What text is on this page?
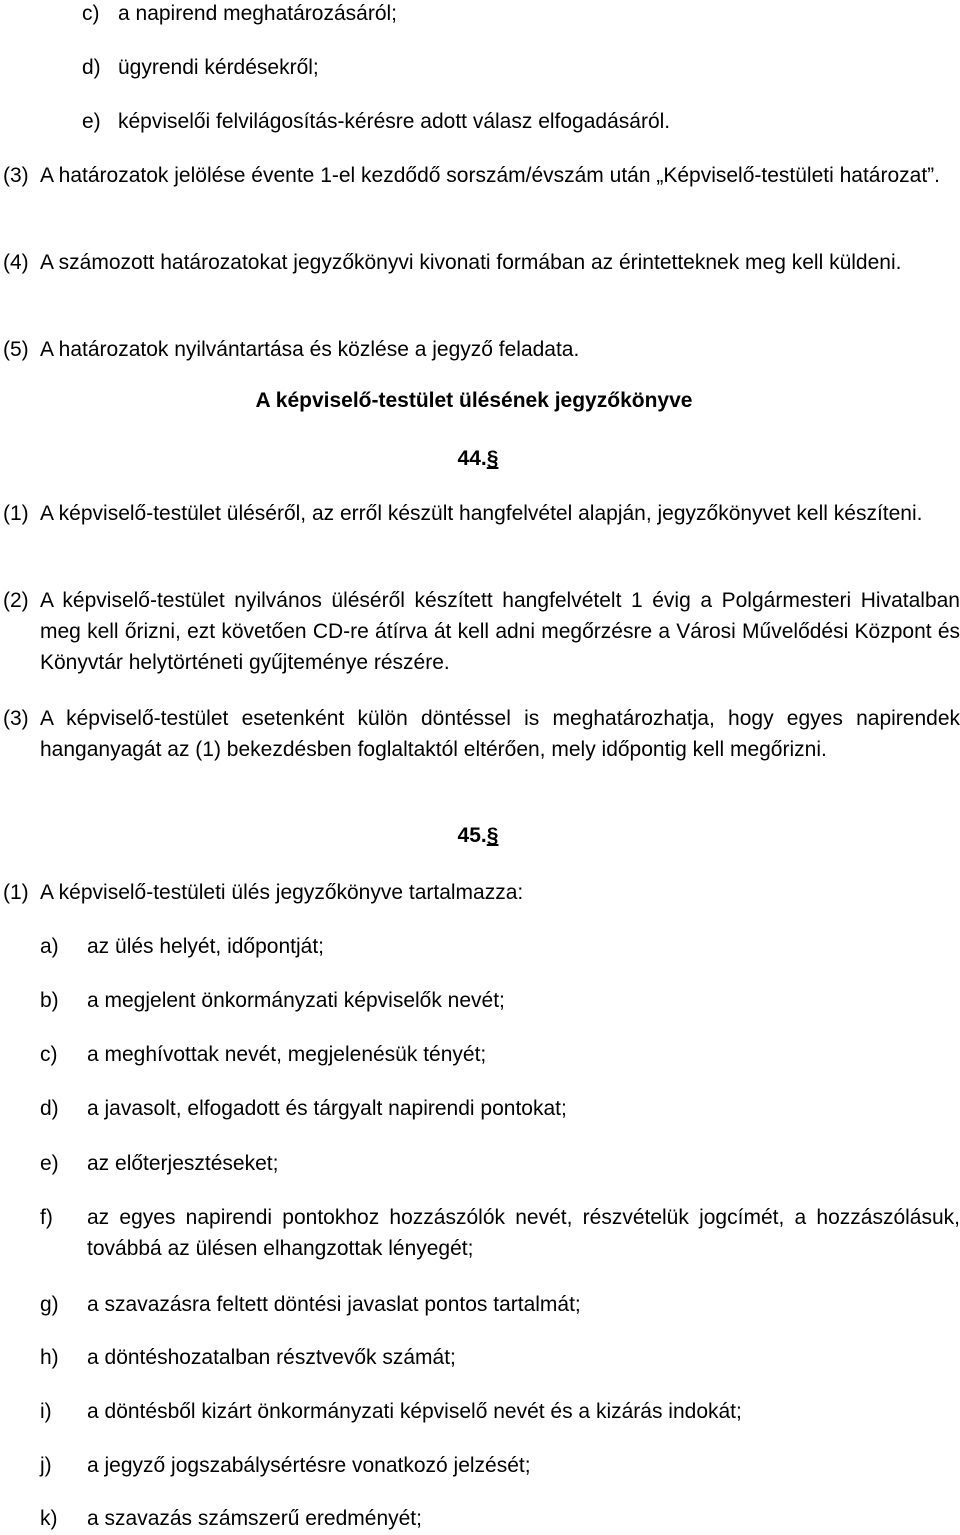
c) a napirend meghatározásáról;
d) ügyrendi kérdésekről;
e) képviselői felvilágosítás-kérésre adott válasz elfogadásáról.
(3) A határozatok jelölése évente 1-el kezdődő sorszám/évszám után „Képviselő-testületi határozat”.
(4) A számozott határozatokat jegyzőkönyvi kivonati formában az érintetteknek meg kell küldeni.
(5) A határozatok nyilvántartása és közlése a jegyző feladata.
A képviselő-testület ülésének jegyzőkönyve
44.§
(1) A képviselő-testület üléséről, az erről készült hangfelvétel alapján, jegyzőkönyvet kell készíteni.
(2) A képviselő-testület nyilvános üléséről készített hangfelvételt 1 évig a Polgármesteri Hivatalban meg kell őrizni, ezt követően CD-re átírva át kell adni megőrzésre a Városi Művelődési Központ és Könyvtár helytörténeti gyűjteménye részére.
(3) A képviselő-testület esetenként külön döntéssel is meghatározhatja, hogy egyes napirendek hanganyagát az (1) bekezdésben foglaltaktól eltérően, mely időpontig kell megőrizni.
45.§
(1) A képviselő-testületi ülés jegyzőkönyve tartalmazza:
a) az ülés helyét, időpontját;
b) a megjelent önkormányzati képviselők nevét;
c) a meghívottak nevét, megjelenésük tényét;
d) a javasolt, elfogadott és tárgyalt napirendi pontokat;
e) az előterjesztéseket;
f) az egyes napirendi pontokhoz hozzászólók nevét, részvételük jogcímét, a hozzászólásuk, továbbá az ülésen elhangzottak lényegét;
g) a szavazásra feltett döntési javaslat pontos tartalmát;
h) a döntéshozatalban résztvevők számát;
i) a döntésből kizárt önkormányzati képviselő nevét és a kizárás indokát;
j) a jegyző jogszabálysértésre vonatkozó jelzését;
k) a szavazás számszerű eredményét;
